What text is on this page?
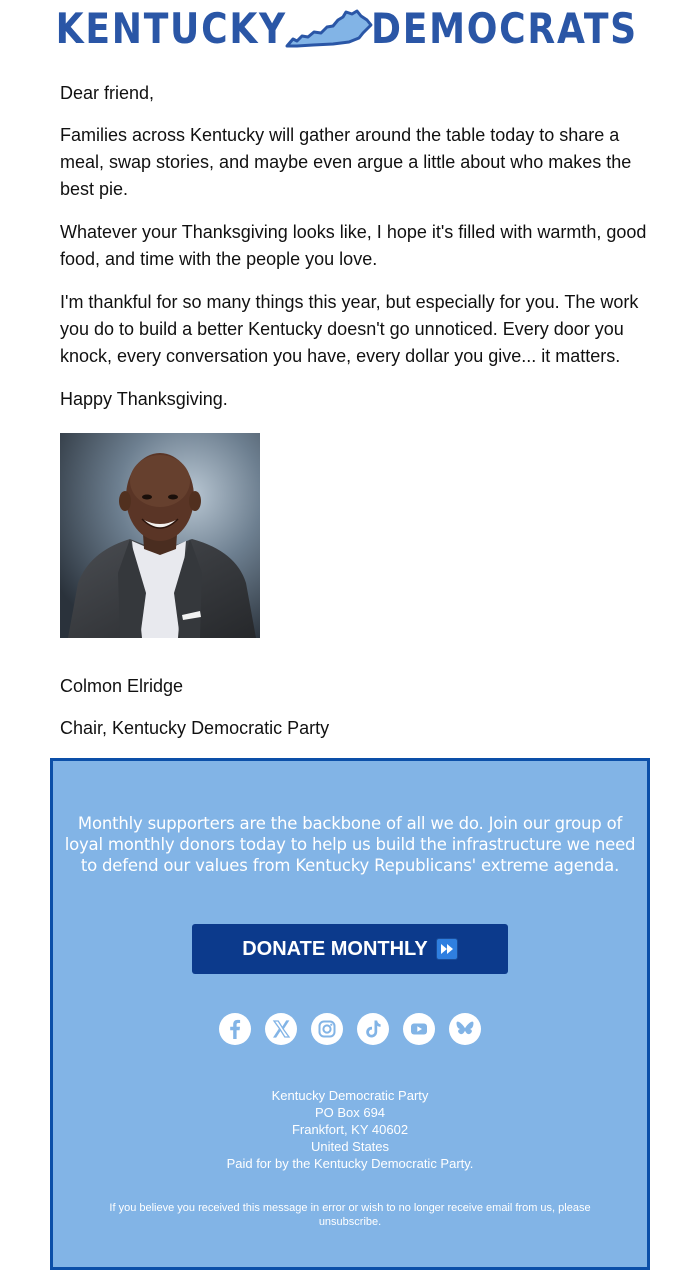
KENTUCKY DEMOCRATS

Dear friend,

Families across Kentucky will gather around the table today to share a meal, swap stories, and maybe even argue a little about who makes the best pie.

Whatever your Thanksgiving looks like, I hope it's filled with warmth, good food, and time with the people you love.

I'm thankful for so many things this year, but especially for you. The work you do to build a better Kentucky doesn't go unnoticed. Every door you knock, every conversation you have, every dollar you give... it matters.

Happy Thanksgiving.

Colmon Elridge
Chair, Kentucky Democratic Party
Monthly supporters are the backbone of all we do. Join our group of loyal monthly donors today to help us build the infrastructure we need to defend our values from Kentucky Republicans' extreme agenda.
DONATE MONTHLY
Kentucky Democratic Party
PO Box 694
Frankfort, KY 40602
United States
Paid for by the Kentucky Democratic Party.
If you believe you received this message in error or wish to no longer receive email from us, please unsubscribe.
